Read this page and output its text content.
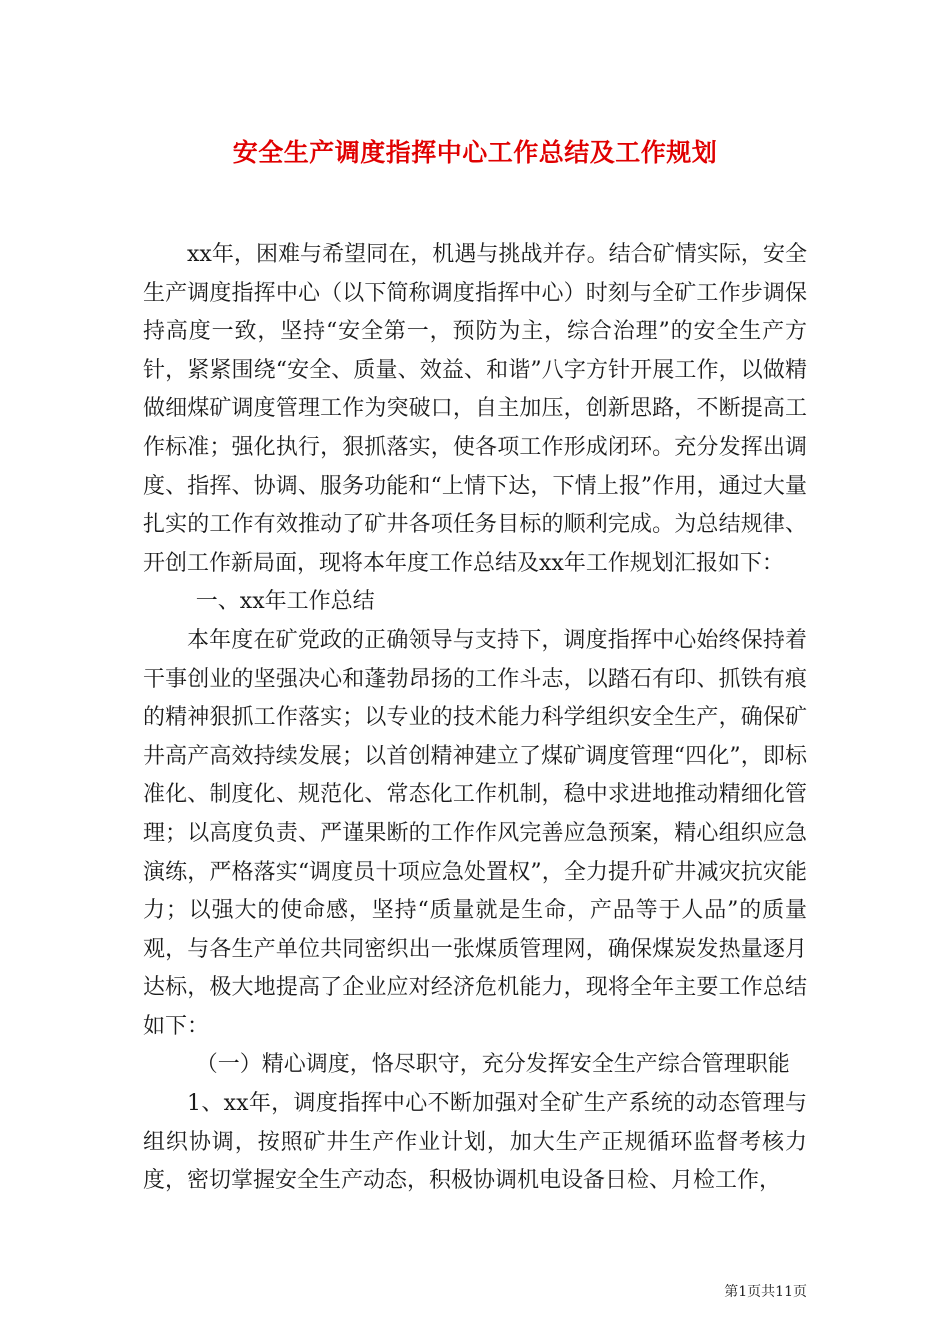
安全生产调度指挥中心工作总结及工作规划

xx年，困难与希望同在，机遇与挑战并存。结合矿情实际，安全生产调度指挥中心（以下简称调度指挥中心）时刻与全矿工作步调保持高度一致，坚持“安全第一，预防为主，综合治理”的安全生产方针，紧紧围绕“安全、质量、效益、和谐”八字方针开展工作，以做精做细煤矿调度管理工作为突破口，自主加压，创新思路，不断提高工作标准；强化执行，狠抓落实，使各项工作形成闭环。充分发挥出调度、指挥、协调、服务功能和“上情下达，下情上报”作用，通过大量扎实的工作有效推动了矿井各项任务目标的顺利完成。为总结规律、开创工作新局面，现将本年度工作总结及xx年工作规划汇报如下：

一、xx年工作总结

本年度在矿党政的正确领导与支持下，调度指挥中心始终保持着干事创业的坚强决心和蓬勃昂扬的工作斗志，以踏石有印、抓铁有痕的精神狠抓工作落实；以专业的技术能力科学组织安全生产，确保矿井高产高效持续发展；以首创精神建立了煤矿调度管理“四化”，即标准化、制度化、规范化、常态化工作机制，稳中求进地推动精细化管理；以高度负责、严谨果断的工作作风完善应急预案，精心组织应急演练，严格落实“调度员十项应急处置权”，全力提升矿井减灾抗灾能力；以强大的使命感，坚持“质量就是生命，产品等于人品”的质量观，与各生产单位共同密织出一张煤质管理网，确保煤炭发热量逐月达标，极大地提高了企业应对经济危机能力，现将全年主要工作总结如下：

（一）精心调度，恪尽职守，充分发挥安全生产综合管理职能

1、xx年，调度指挥中心不断加强对全矿生产系统的动态管理与组织协调，按照矿井生产作业计划，加大生产正规循环监督考核力度，密切掌握安全生产动态，积极协调机电设备日检、月检工作，

第1页共11页
